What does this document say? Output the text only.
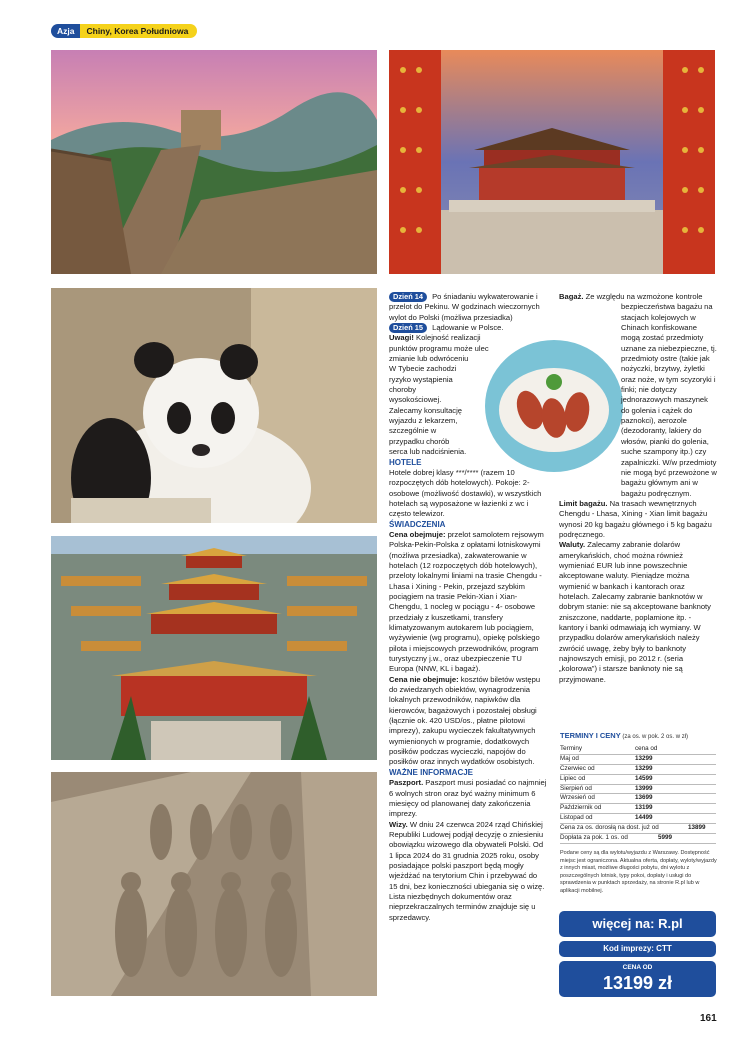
Azja	Chiny, Korea Południowa

Dzień 14 Po śniadaniu wykwaterowanie i przelot do Pekinu. W godzinach wieczornych wylot do Polski (możliwa przesiadka)

Dzień 15 Lądowanie w Polsce.

Uwagi! Kolejność realizacji punktów programu może ulec zmianie lub odwróceniu

W Tybecie zachodzi ryzyko wystąpienia choroby wysokościowej. Zalecamy konsultację wyjazdu z lekarzem, szczególnie w przypadku chorób serca lub nadciśnienia.

HOTELE

Hotele dobrej klasy ***/**** (razem 10 rozpoczętych dób hotelowych). Pokoje: 2-osobowe (możliwość dostawki), w wszystkich hotelach są wyposażone w łazienki z wc i często telewizor.

ŚWIADCZENIA

Cena obejmuje: przelot samolotem rejsowym Polska-Pekin-Polska z opłatami lotniskowymi (możliwa przesiadka), zakwaterowanie w hotelach (12 rozpoczętych dób hotelowych), przeloty lokalnymi liniami na trasie Chengdu - Lhasa i Xining - Pekin, przejazd szybkim pociągiem na trasie Pekin-Xian i Xian-Chengdu, 1 nocleg w pociągu - 4- osobowe przedziały z kuszetkami, transfery klimatyzowanym autokarem lub pociągiem, wyżywienie (wg programu), opiekę polskiego pilota i miejscowych przewodników, program turystyczny j.w., oraz ubezpieczenie TU Europa (NNW, KL i bagaż).

Cena nie obejmuje: kosztów biletów wstępu do zwiedzanych obiektów, wynagrodzenia lokalnych przewodników, napiwków dla kierowców, bagażowych i pozostałej obsługi (łącznie ok. 420 USD/os., płatne pilotowi imprezy), zakupu wycieczek fakultatywnych wymienionych w programie, dodatkowych posiłków podczas wycieczki, napojów do posiłków oraz innych wydatków osobistych.

WAŻNE INFORMACJE

Paszport. Paszport musi posiadać co najmniej 6 wolnych stron oraz być ważny minimum 6 miesięcy od planowanej daty zakończenia imprezy.

Wizy. W dniu 24 czerwca 2024 rząd Chińskiej Republiki Ludowej podjął decyzję o zniesieniu obowiązku wizowego dla obywateli Polski. Od 1 lipca 2024 do 31 grudnia 2025 roku, osoby posiadające polski paszport będą mogły wjeżdżać na terytorium Chin i przebywać do 15 dni, bez konieczności ubiegania się o wizę. Lista niezbędnych dokumentów oraz nieprzekraczalnych terminów znajduje się u sprzedawcy.

Bagaż. Ze względu na wzmożone kontrole bezpieczeństwa bagażu na stacjach kolejowych w Chinach konfiskowane mogą zostać przedmioty uznane za niebezpieczne, tj. przedmioty ostre (takie jak nożyczki, brzytwy, żyletki oraz noże, w tym scyzoryki i finki; nie dotyczy jednorazowych maszynek do golenia i cążek do paznokci), aerozole (dezodoranty, lakiery do włosów, pianki do golenia, suche szampony itp.) czy zapalniczki. W/w przedmioty nie mogą być przewożone w bagażu głównym ani w bagażu podręcznym.

Limit bagażu. Na trasach wewnętrznych Chengdu - Lhasa, Xining - Xian limit bagażu wynosi 20 kg bagażu głównego i 5 kg bagażu podręcznego.

Waluty. Zalecamy zabranie dolarów amerykańskich, choć można również wymieniać EUR lub inne powszechnie akceptowane waluty. Pieniądze można wymienić w bankach i kantorach oraz hotelach. Zalecamy zabranie banknotów w dobrym stanie: nie są akceptowane banknoty zniszczone, naddarte, poplamione itp. - kantory i banki odmawiają ich wymiany. W przypadku dolarów amerykańskich należy zwrócić uwagę, żeby były to banknoty najnowszych emisji, po 2012 r. (seria „kolorowa”) i starsze banknoty nie są przyjmowane.

TERMINY I CENY (za os. w pok. 2 os. w zł)
Terminy	cena od
Maj od	13299
Czerwiec od	13299
Lipiec od	14599
Sierpień od	13999
Wrzesień od	13699
Październik od	13199
Listopad od	14499
Cena za os. dorosłą na dost. już od	13899
Dopłata za pok. 1 os. od	5999

Podane ceny są dla wylotu/wyjazdu z Warszawy. Dostępność miejsc jest ograniczona. Aktualna oferta, dopłaty, wyloty/wyjazdy z innych miast, możliwe długości pobytu, dni wylotu z poszczególnych lotnisk, typy pokoi, dopłaty i usługi do sprawdzenia w punktach sprzedaży, na stronie R.pl lub w aplikacji mobilnej.

więcej na: R.pl
Kod imprezy: CTT
CENA OD
13199 zł
161
